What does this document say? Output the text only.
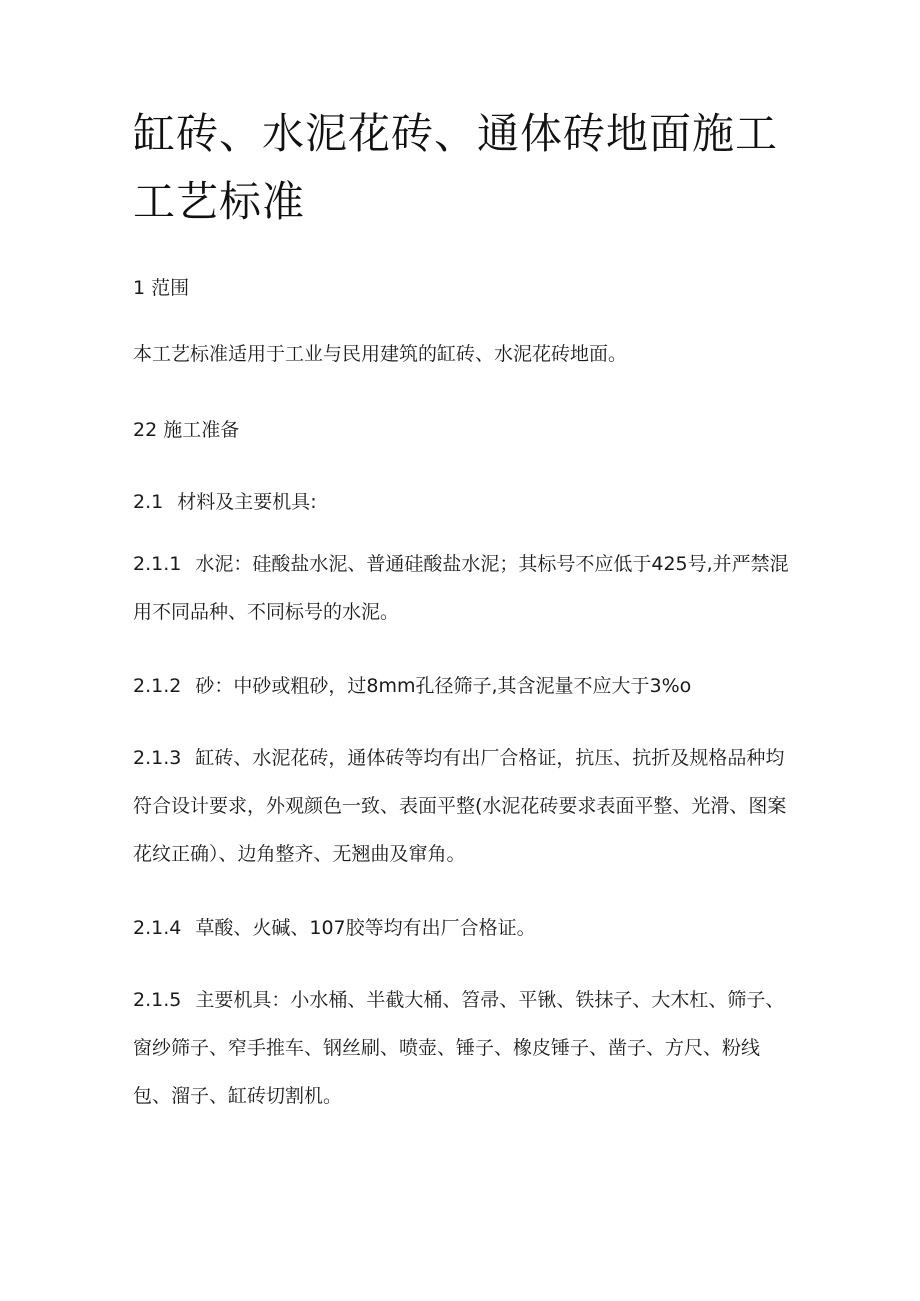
缸砖、水泥花砖、通体砖地面施工工艺标准

1 范围

本工艺标准适用于工业与民用建筑的缸砖、水泥花砖地面。

22 施工准备

2.1 材料及主要机具:

2.1.1 水泥：硅酸盐水泥、普通硅酸盐水泥；其标号不应低于425号,并严禁混用不同品种、不同标号的水泥。

2.1.2 砂：中砂或粗砂，过8mm孔径筛子,其含泥量不应大于3%o

2.1.3 缸砖、水泥花砖，通体砖等均有出厂合格证，抗压、抗折及规格品种均符合设计要求，外观颜色一致、表面平整(水泥花砖要求表面平整、光滑、图案花纹正确）、边角整齐、无翘曲及窜角。

2.1.4 草酸、火碱、107胶等均有出厂合格证。

2.1.5 主要机具：小水桶、半截大桶、笤帚、平锹、铁抹子、大木杠、筛子、窗纱筛子、窄手推车、钢丝刷、喷壶、锤子、橡皮锤子、凿子、方尺、粉线包、溜子、缸砖切割机。
